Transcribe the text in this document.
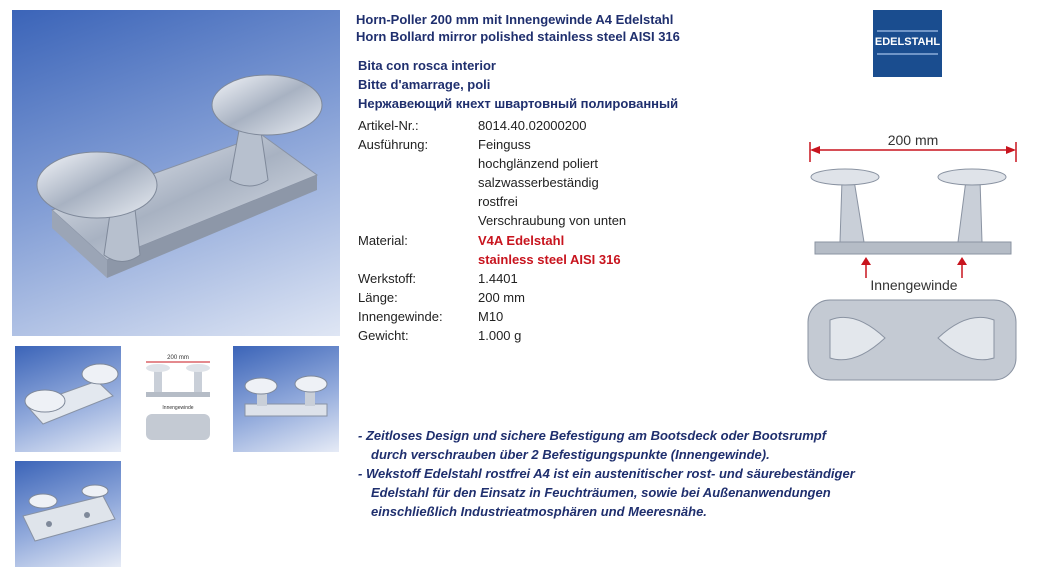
200 mm
Innengewinde
Horn-Poller 200 mm mit Innengewinde A4 Edelstahl
Horn Bollard mirror polished stainless steel AISI 316
Bita con rosca interior
Bitte d'amarrage, poli
Нержавеющий кнехт швартовный полированный
Artikel-Nr.:	8014.40.02000200
Ausführung:	Feinguss
hochglänzend poliert
salzwasserbeständig
rostfrei
Verschraubung von unten
Material:	V4A Edelstahl
stainless steel AISI 316
Werkstoff:	1.4401
Länge:	200 mm
Innengewinde:	M10
Gewicht:	1.000 g
EDELSTAHL
200 mm
Innengewinde
- Zeitloses Design und sichere Befestigung am Bootsdeck oder Bootsrumpf
durch verschrauben über 2 Befestigungspunkte (Innengewinde).
- Wekstoff Edelstahl rostfrei A4 ist ein austenitischer rost- und säurebeständiger
Edelstahl für den Einsatz in Feuchträumen, sowie bei Außenanwendungen
einschließlich Industrieatmosphären und Meeresnähe.
